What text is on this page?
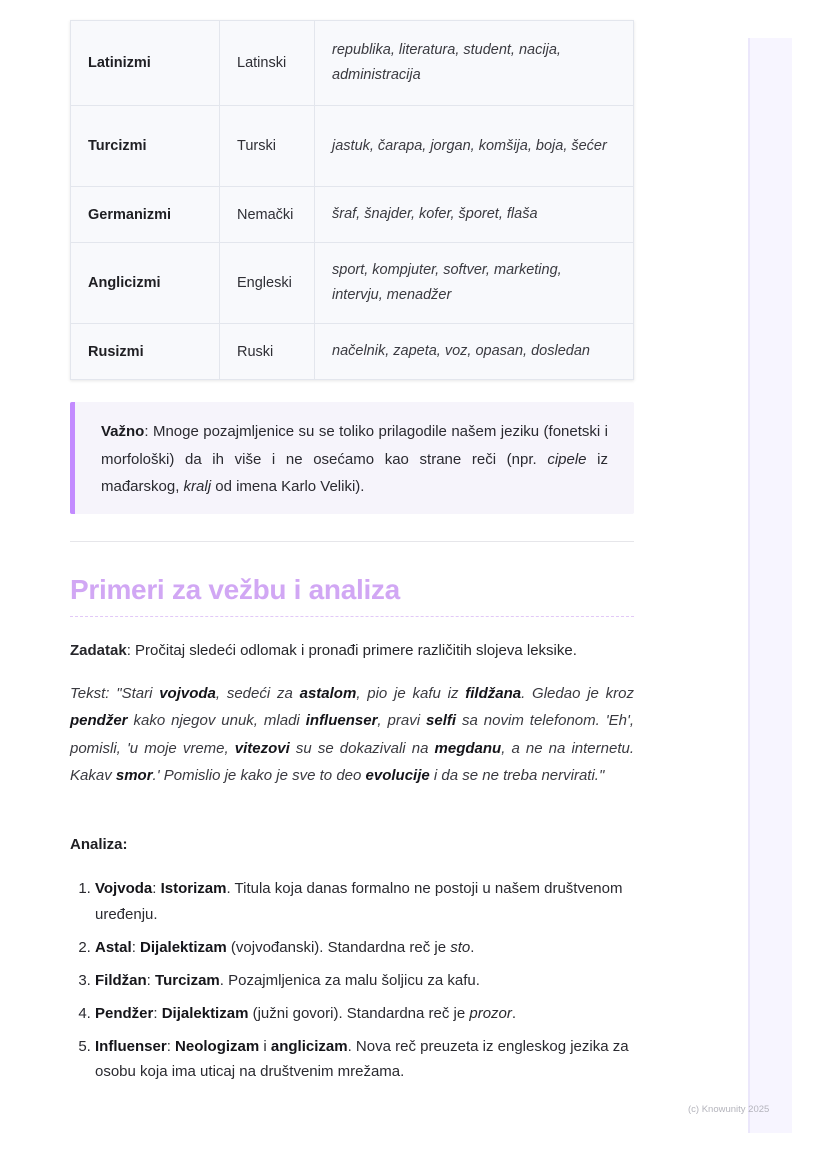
Latinizmi	Latinski	republika, literatura, student, nacija, administracija
Turcizmi	Turski	jastuk, čarapa, jorgan, komšija, boja, šećer
Germanizmi	Nemački	šraf, šnajder, kofer, šporet, flaša
Anglicizmi	Engleski	sport, kompjuter, softver, marketing, intervju, menadžer
Rusizmi	Ruski	načelnik, zapeta, voz, opasan, dosledan
Važno: Mnoge pozajmljenice su se toliko prilagodile našem jeziku (fonetski i morfološki) da ih više i ne osećamo kao strane reči (npr. cipele iz mađarskog, kralj od imena Karlo Veliki).
Primeri za vežbu i analiza
Zadatak: Pročitaj sledeći odlomak i pronađi primere različitih slojeva leksike.

Tekst: "Stari vojvoda, sedeći za astalom, pio je kafu iz fildžana. Gledao je kroz pendžer kako njegov unuk, mladi influenser, pravi selfi sa novim telefonom. 'Eh', pomisli, 'u moje vreme, vitezovi su se dokazivali na megdanu, a ne na internetu. Kakav smor.' Pomislio je kako je sve to deo evolucije i da se ne treba nervirati."

Analiza:
1. Vojvoda: Istorizam. Titula koja danas formalno ne postoji u našem društvenom uređenju.
2. Astal: Dijalektizam (vojvođanski). Standardna reč je sto.
3. Fildžan: Turcizam. Pozajmljenica za malu šoljicu za kafu.
4. Pendžer: Dijalektizam (južni govori). Standardna reč je prozor.
5. Influenser: Neologizam i anglicizam. Nova reč preuzeta iz engleskog jezika za osobu koja ima uticaj na društvenim mrežama.
(c) Knowunity 2025
